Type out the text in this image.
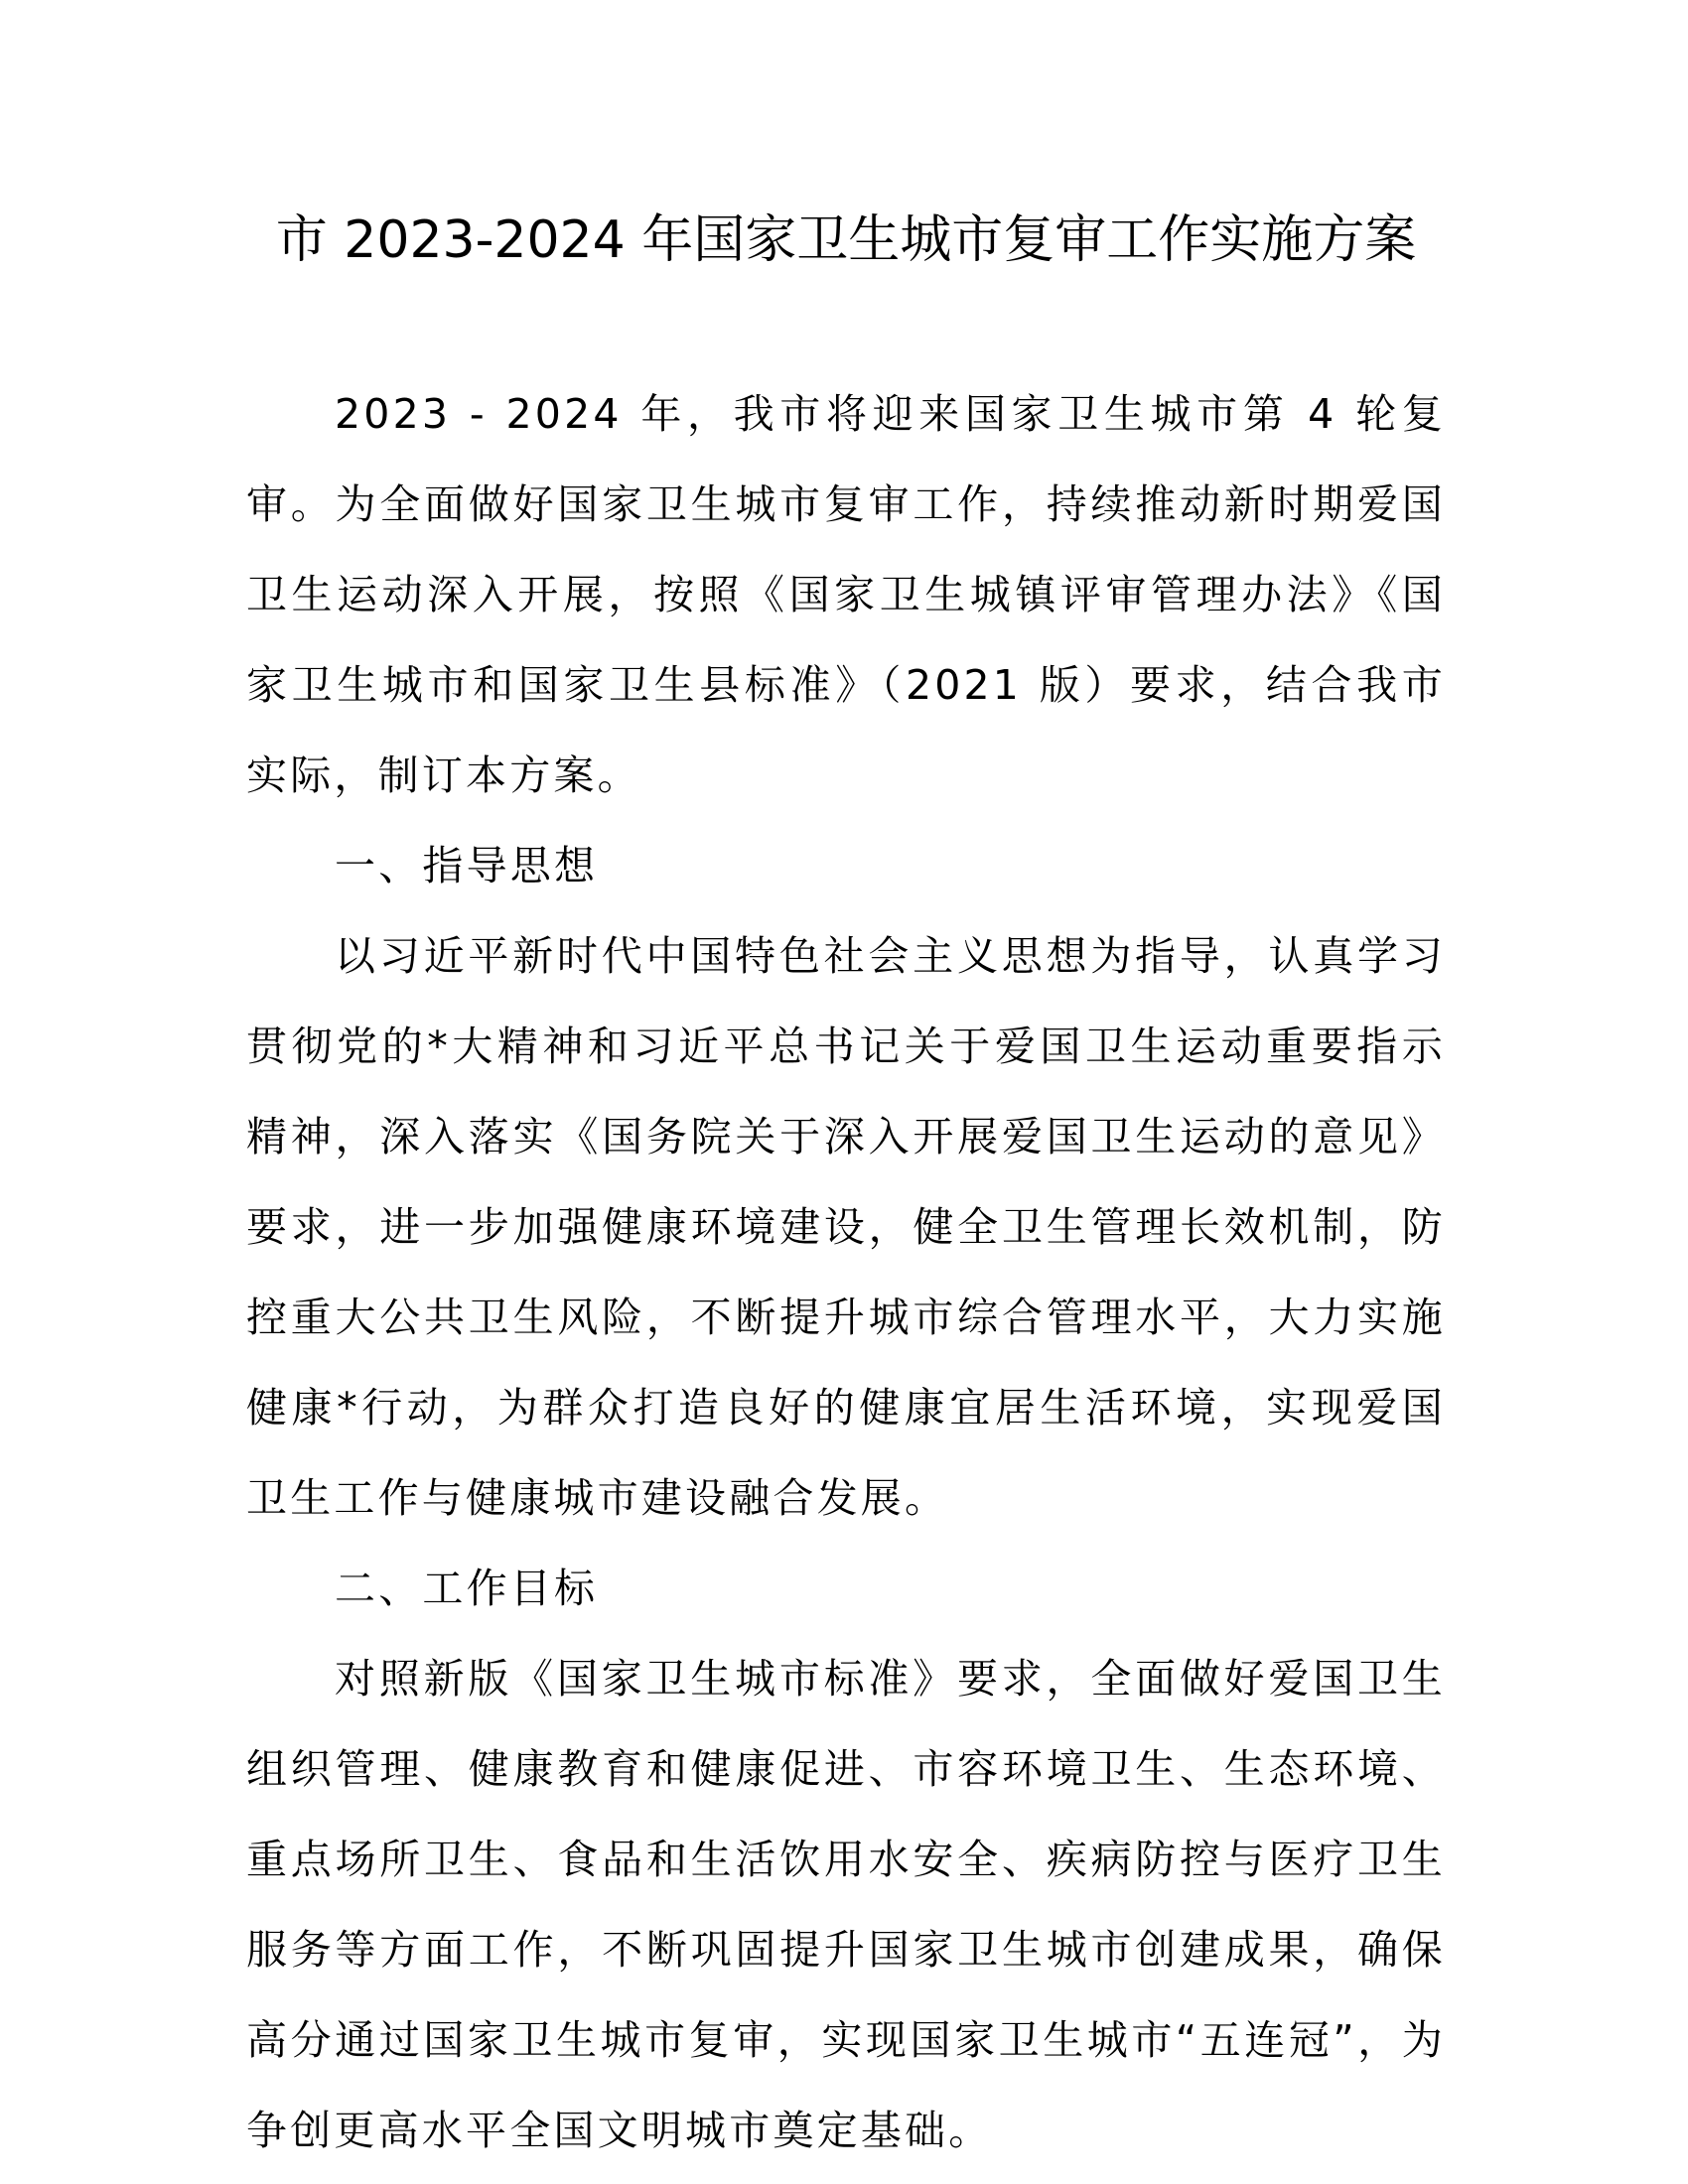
市 2023-2024 年国家卫生城市复审工作实施方案

2023 - 2024 年，我市将迎来国家卫生城市第 4 轮复审。为全面做好国家卫生城市复审工作，持续推动新时期爱国卫生运动深入开展，按照《国家卫生城镇评审管理办法》《国家卫生城市和国家卫生县标准》（2021 版）要求，结合我市实际，制订本方案。

一、指导思想

以习近平新时代中国特色社会主义思想为指导，认真学习贯彻党的*大精神和习近平总书记关于爱国卫生运动重要指示精神，深入落实《国务院关于深入开展爱国卫生运动的意见》要求，进一步加强健康环境建设，健全卫生管理长效机制，防控重大公共卫生风险，不断提升城市综合管理水平，大力实施健康*行动，为群众打造良好的健康宜居生活环境，实现爱国卫生工作与健康城市建设融合发展。

二、工作目标

对照新版《国家卫生城市标准》要求，全面做好爱国卫生组织管理、健康教育和健康促进、市容环境卫生、生态环境、重点场所卫生、食品和生活饮用水安全、疾病防控与医疗卫生服务等方面工作，不断巩固提升国家卫生城市创建成果，确保高分通过国家卫生城市复审，实现国家卫生城市“五连冠”，为争创更高水平全国文明城市奠定基础。
